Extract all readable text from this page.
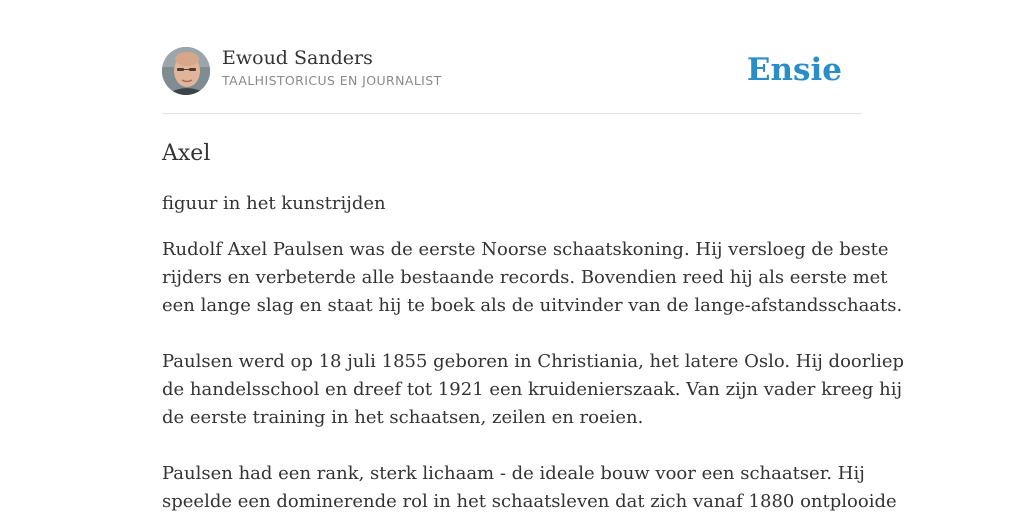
Ewoud Sanders
TAALHISTORICUS EN JOURNALIST	Ensie
Axel
figuur in het kunstrijden

Rudolf Axel Paulsen was de eerste Noorse schaatskoning. Hij versloeg de beste
rijders en verbeterde alle bestaande records. Bovendien reed hij als eerste met
een lange slag en staat hij te boek als de uitvinder van de lange-afstandsschaats.

Paulsen werd op 18 juli 1855 geboren in Christiania, het latere Oslo. Hij doorliep
de handelsschool en dreef tot 1921 een kruidenierszaak. Van zijn vader kreeg hij
de eerste training in het schaatsen, zeilen en roeien.

Paulsen had een rank, sterk lichaam - de ideale bouw voor een schaatser. Hij
speelde een dominerende rol in het schaatsleven dat zich vanaf 1880 ontplooide
